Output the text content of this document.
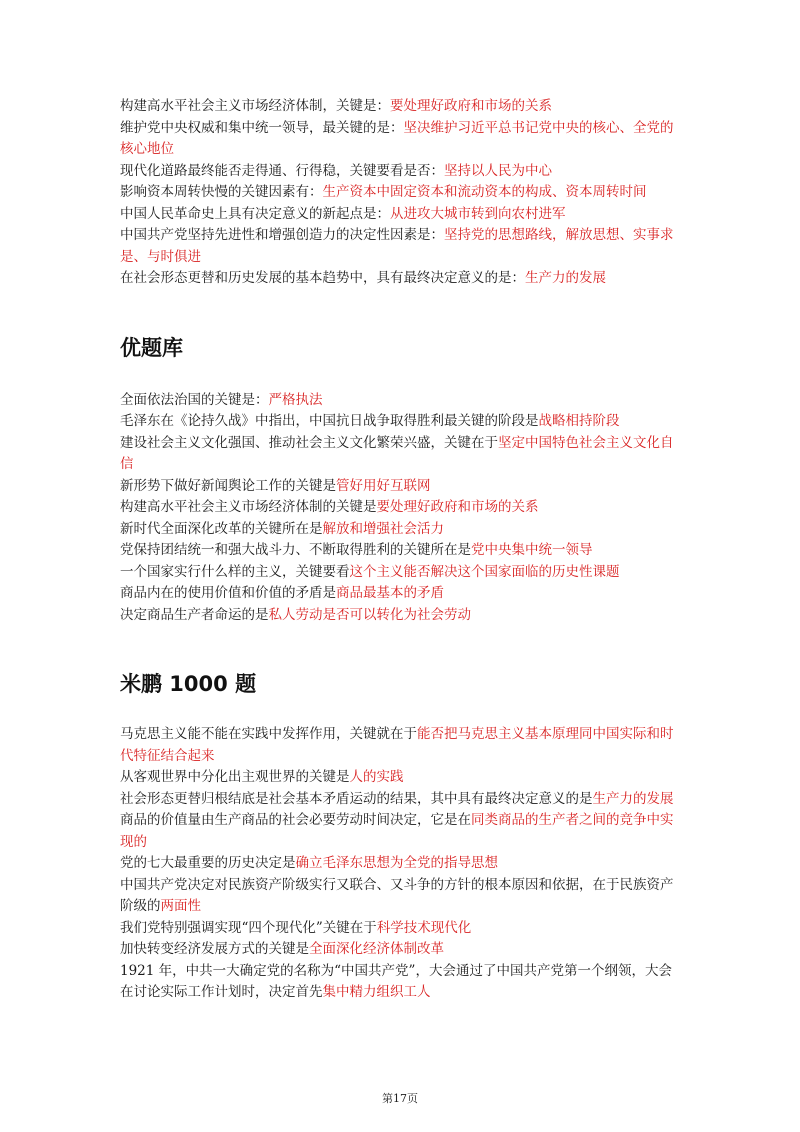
构建高水平社会主义市场经济体制，关键是：要处理好政府和市场的关系

维护党中央权威和集中统一领导，最关键的是：坚决维护习近平总书记党中央的核心、全党的核心地位

现代化道路最终能否走得通、行得稳，关键要看是否：坚持以人民为中心

影响资本周转快慢的关键因素有：生产资本中固定资本和流动资本的构成、资本周转时间

中国人民革命史上具有决定意义的新起点是：从进攻大城市转到向农村进军

中国共产党坚持先进性和增强创造力的决定性因素是：坚持党的思想路线，解放思想、实事求是、与时俱进

在社会形态更替和历史发展的基本趋势中，具有最终决定意义的是：生产力的发展

优题库

全面依法治国的关键是：严格执法

毛泽东在《论持久战》中指出，中国抗日战争取得胜利最关键的阶段是战略相持阶段

建设社会主义文化强国、推动社会主义文化繁荣兴盛，关键在于坚定中国特色社会主义文化自信

新形势下做好新闻舆论工作的关键是管好用好互联网

构建高水平社会主义市场经济体制的关键是要处理好政府和市场的关系

新时代全面深化改革的关键所在是解放和增强社会活力

党保持团结统一和强大战斗力、不断取得胜利的关键所在是党中央集中统一领导

一个国家实行什么样的主义，关键要看这个主义能否解决这个国家面临的历史性课题

商品内在的使用价值和价值的矛盾是商品最基本的矛盾

决定商品生产者命运的是私人劳动是否可以转化为社会劳动

米鹏 1000 题

马克思主义能不能在实践中发挥作用，关键就在于能否把马克思主义基本原理同中国实际和时代特征结合起来

从客观世界中分化出主观世界的关键是人的实践

社会形态更替归根结底是社会基本矛盾运动的结果，其中具有最终决定意义的是生产力的发展

商品的价值量由生产商品的社会必要劳动时间决定，它是在同类商品的生产者之间的竞争中实现的

党的七大最重要的历史决定是确立毛泽东思想为全党的指导思想

中国共产党决定对民族资产阶级实行又联合、又斗争的方针的根本原因和依据，在于民族资产阶级的两面性

我们党特别强调实现“四个现代化”关键在于科学技术现代化

加快转变经济发展方式的关键是全面深化经济体制改革

1921 年，中共一大确定党的名称为“中国共产党”，大会通过了中国共产党第一个纲领，大会在讨论实际工作计划时，决定首先集中精力组织工人

第17页
